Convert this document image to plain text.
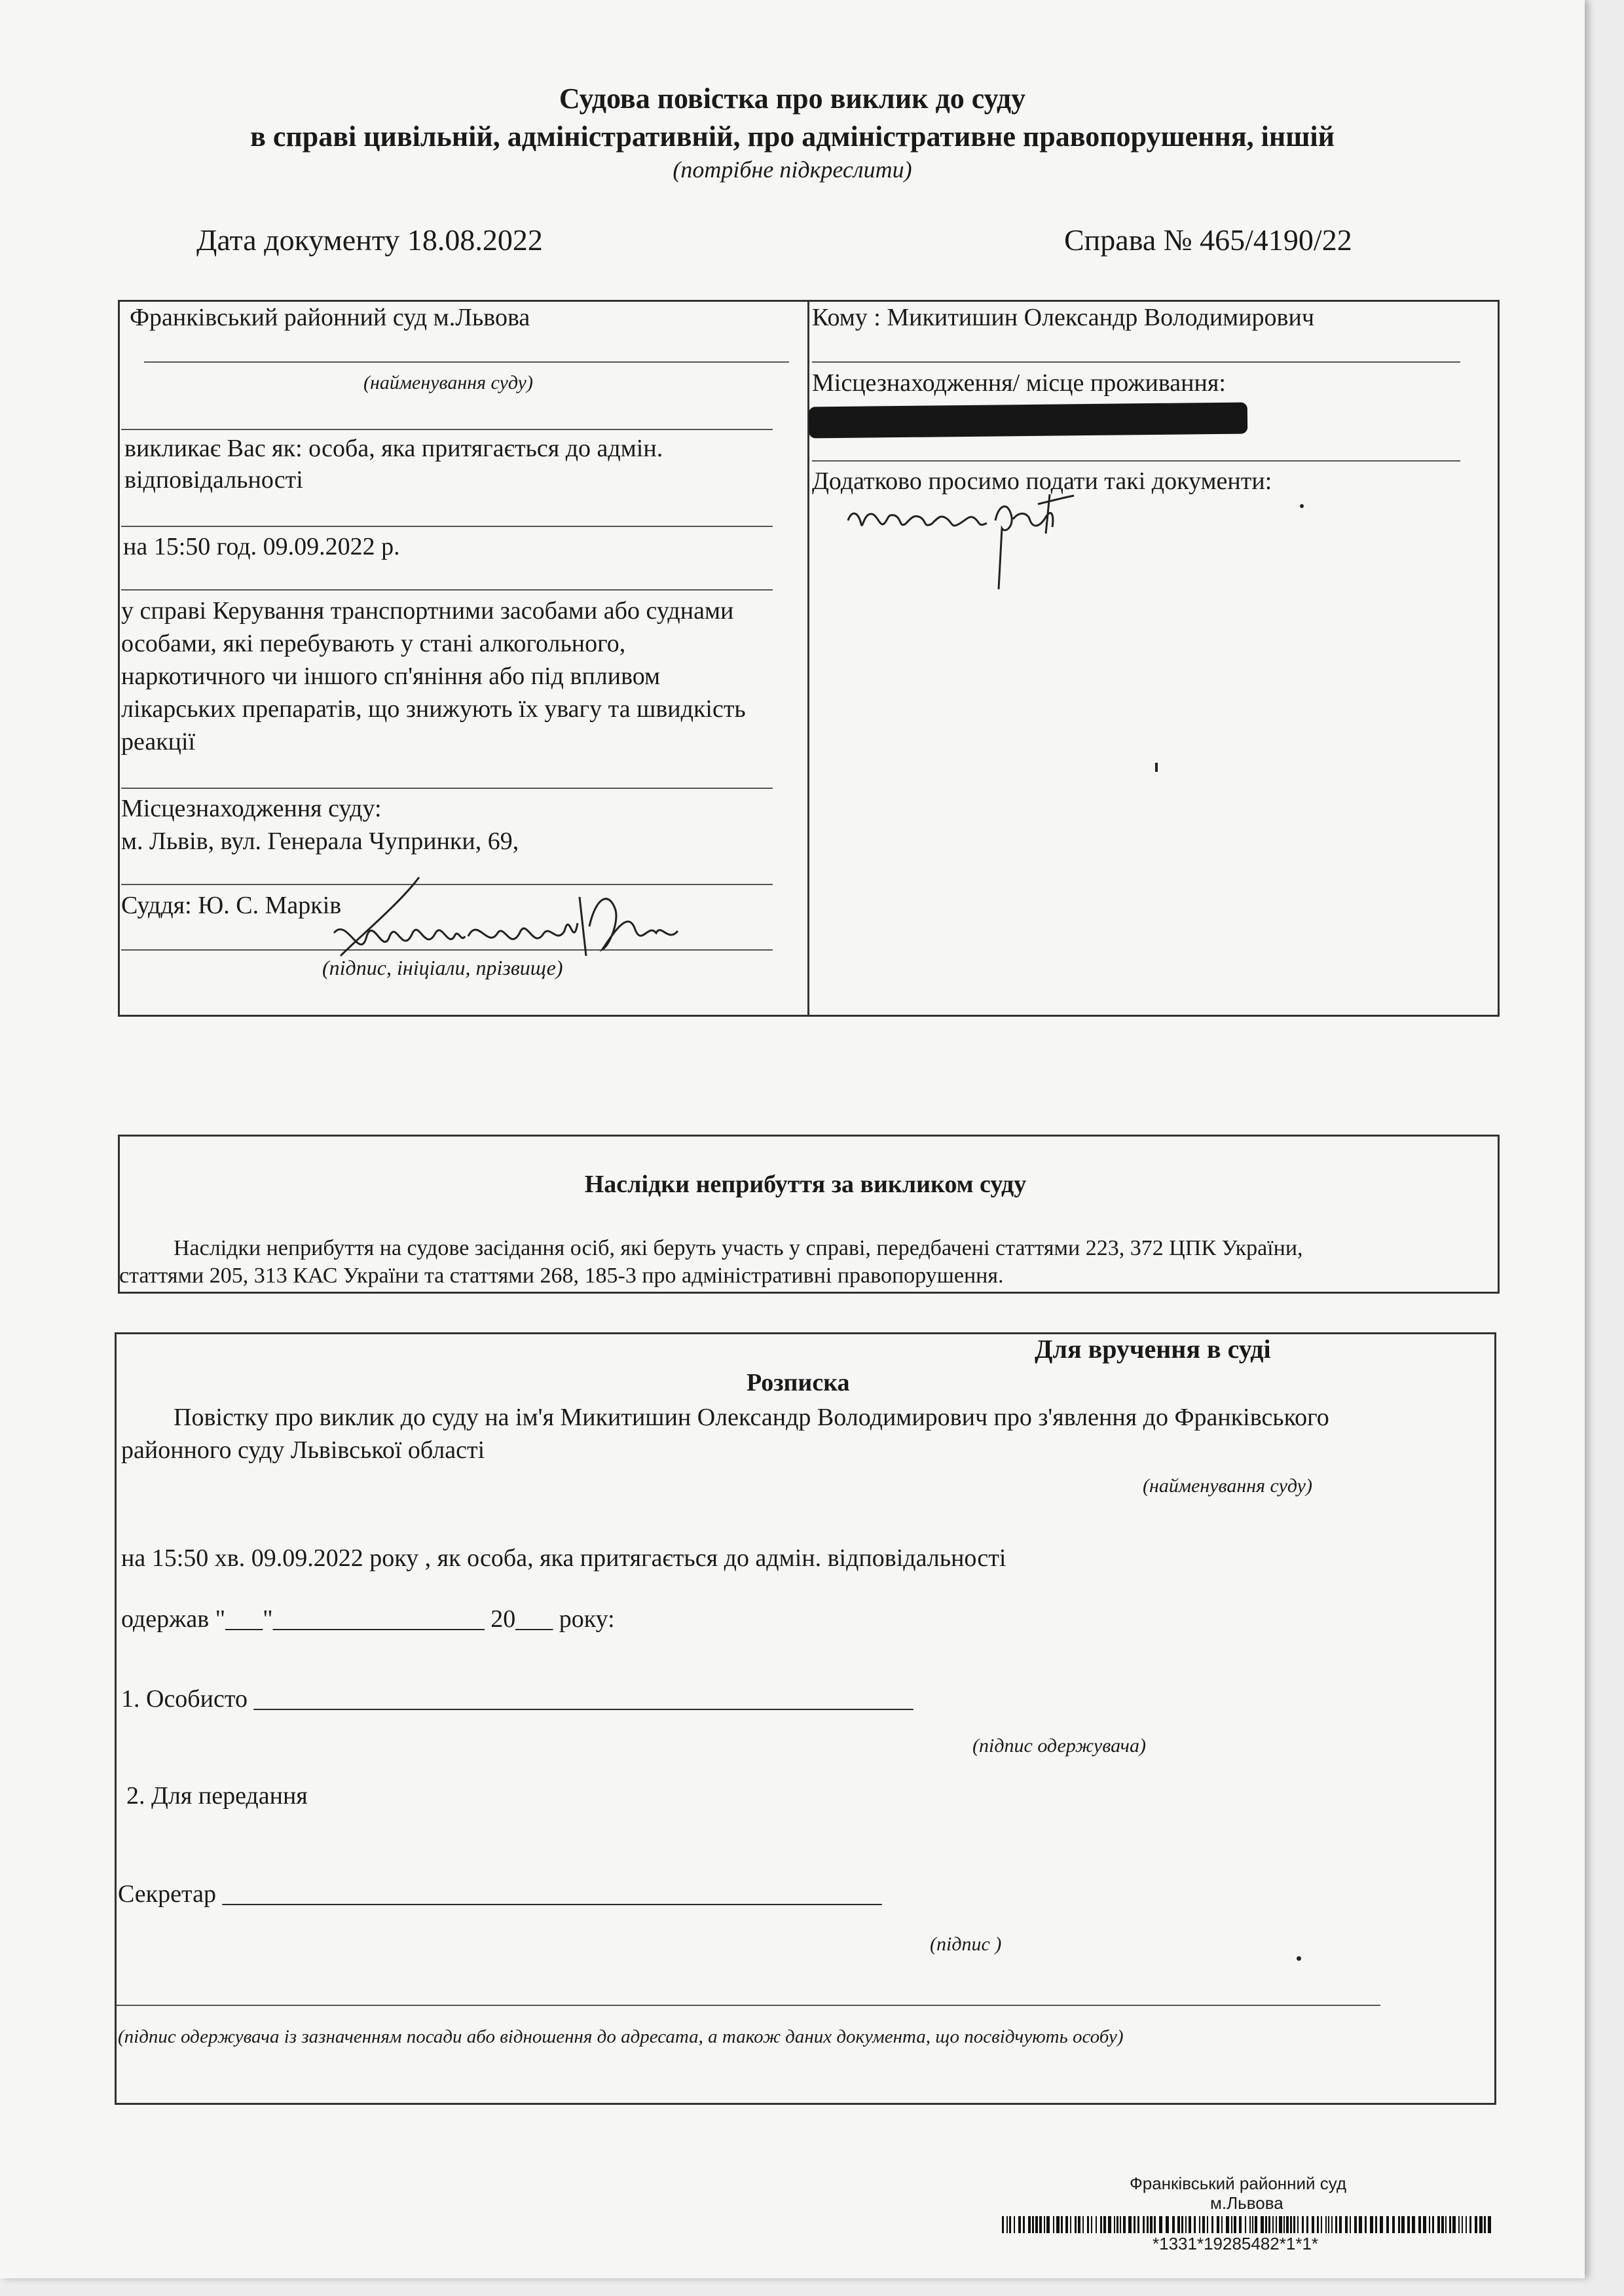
Судова повістка про виклик до суду
в справі цивільній, адміністративній, про адміністративне правопорушення, іншій
(потрібне підкреслити)
Дата документу 18.08.2022	Справа № 465/4190/22
Франківський районний суд м.Львова
(найменування суду)
викликає Вас як: особа, яка притягається до адмін.
відповідальності
на 15:50 год. 09.09.2022 р.
у справі Керування транспортними засобами або суднами
особами, які перебувають у стані алкогольного,
наркотичного чи іншого сп'яніння або під впливом
лікарських препаратів, що знижують їх увагу та швидкість
реакції
Місцезнаходження суду:
м. Львів, вул. Генерала Чупринки, 69,
Суддя: Ю. С. Марків
(підпис, ініціали, прізвище)
Кому : Микитишин Олександр Володимирович
Місцезнаходження/ місце проживання:
Додатково просимо подати такі документи:
Наслідки неприбуття за викликом суду
Наслідки неприбуття на судове засідання осіб, які беруть участь у справі, передбачені статтями 223, 372 ЦПК України,
статтями 205, 313 КАС України та статтями 268, 185-3 про адміністративні правопорушення.
Для вручення в суді
Розписка
Повістку про виклик до суду на ім'я Микитишин Олександр Володимирович про з'явлення до Франківського
районного суду Львівської області
(найменування суду)
на 15:50 хв. 09.09.2022 року , як особа, яка притягається до адмін. відповідальності
одержав "___"_________________ 20___ року:
1. Особисто _____________________________________________________
(підпис одержувача)
2. Для передання
Секретар _____________________________________________________
(підпис )
(підпис одержувача із зазначенням посади або відношення до адресата, а також даних документа, що посвідчують особу)
Франківський районний суд
м.Львова
*1331*19285482*1*1*
